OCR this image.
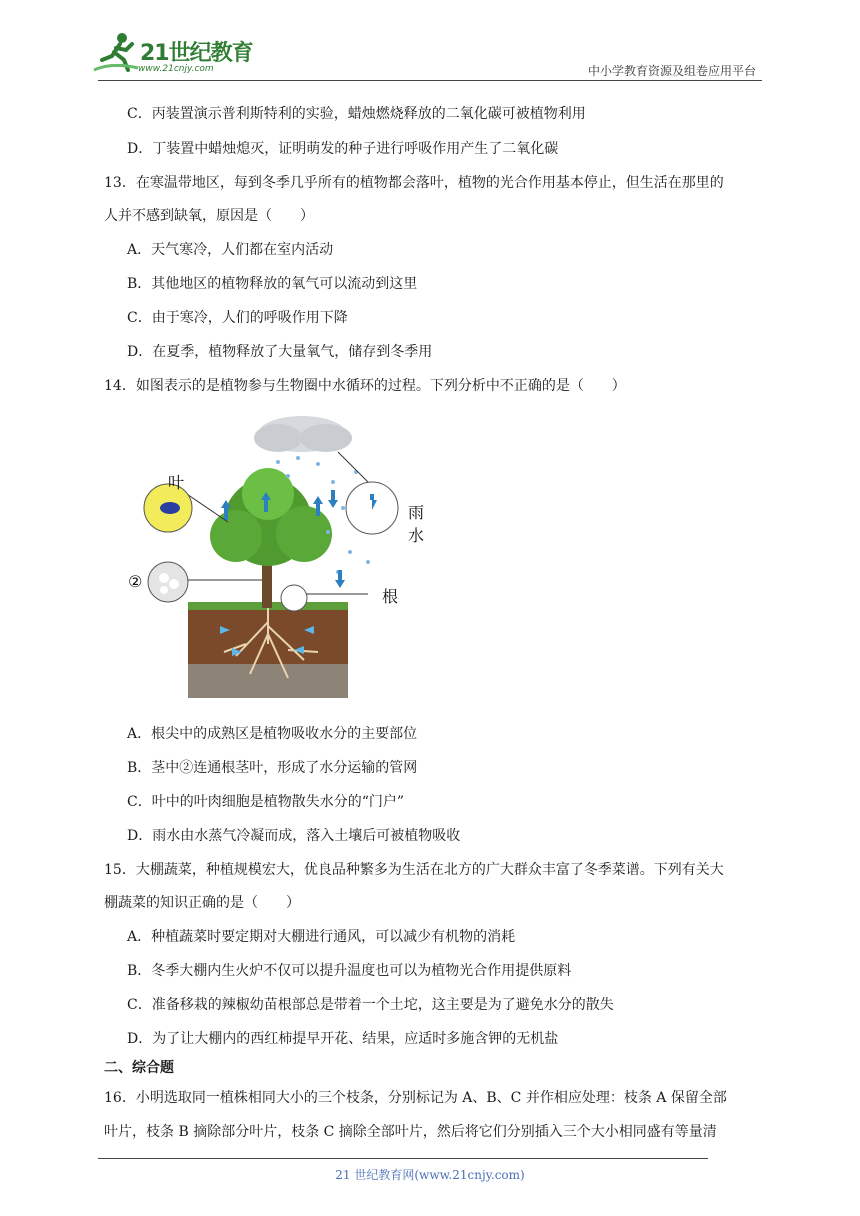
21世纪教育
www.21cnjy.com	中小学教育资源及组卷应用平台
C．丙装置演示普利斯特利的实验，蜡烛燃烧释放的二氧化碳可被植物利用
D．丁装置中蜡烛熄灭，证明萌发的种子进行呼吸作用产生了二氧化碳
13．在寒温带地区，每到冬季几乎所有的植物都会落叶，植物的光合作用基本停止，但生活在那里的
人并不感到缺氧，原因是（　　）
A．天气寒冷，人们都在室内活动
B．其他地区的植物释放的氧气可以流动到这里
C．由于寒冷，人们的呼吸作用下降
D．在夏季，植物释放了大量氧气，储存到冬季用
14．如图表示的是植物参与生物圈中水循环的过程。下列分析中不正确的是（　　）
叶
雨水
②
根
A．根尖中的成熟区是植物吸收水分的主要部位
B．茎中②连通根茎叶，形成了水分运输的管网
C．叶中的叶肉细胞是植物散失水分的“门户”
D．雨水由水蒸气冷凝而成，落入土壤后可被植物吸收
15．大棚蔬菜，种植规模宏大，优良品种繁多为生活在北方的广大群众丰富了冬季菜谱。下列有关大
棚蔬菜的知识正确的是（　　）
A．种植蔬菜时要定期对大棚进行通风，可以减少有机物的消耗
B．冬季大棚内生火炉不仅可以提升温度也可以为植物光合作用提供原料
C．准备移栽的辣椒幼苗根部总是带着一个土坨，这主要是为了避免水分的散失
D．为了让大棚内的西红柿提早开花、结果，应适时多施含钾的无机盐
二、综合题
16．小明选取同一植株相同大小的三个枝条，分别标记为 A、B、C 并作相应处理：枝条 A 保留全部
叶片，枝条 B 摘除部分叶片，枝条 C 摘除全部叶片，然后将它们分别插入三个大小相同盛有等量清
21 世纪教育网(www.21cnjy.com)
